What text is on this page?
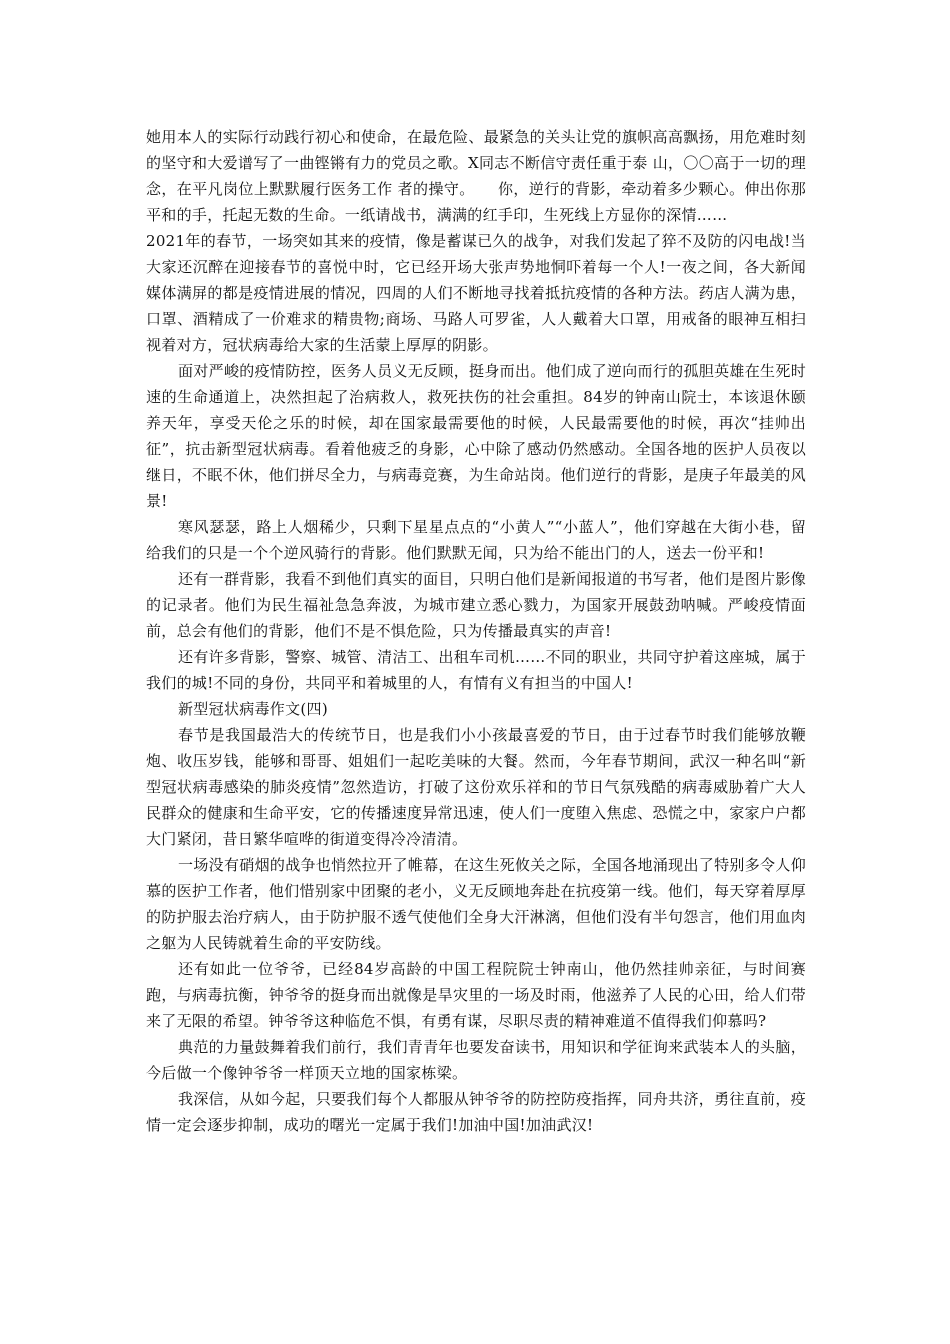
她用本人的实际行动践行初心和使命，在最危险、最紧急的关头让党的旗帜高高飘扬，用危难时刻的坚守和大爱谱写了一曲铿锵有力的党员之歌。X同志不断信守责任重于泰 山，〇〇高于一切的理念，在平凡岗位上默默履行医务工作 者的操守。　　你，逆行的背影，牵动着多少颗心。伸出你那平和的手，托起无数的生命。一纸请战书，满满的红手印，生死线上方显你的深情……

2021年的春节，一场突如其来的疫情，像是蓄谋已久的战争，对我们发起了猝不及防的闪电战!当大家还沉醉在迎接春节的喜悦中时，它已经开场大张声势地恫吓着每一个人!一夜之间，各大新闻媒体满屏的都是疫情进展的情况，四周的人们不断地寻找着抵抗疫情的各种方法。药店人满为患，口罩、酒精成了一价难求的精贵物;商场、马路人可罗雀，人人戴着大口罩，用戒备的眼神互相扫视着对方，冠状病毒给大家的生活蒙上厚厚的阴影。

面对严峻的疫情防控，医务人员义无反顾，挺身而出。他们成了逆向而行的孤胆英雄在生死时速的生命通道上，决然担起了治病救人，救死扶伤的社会重担。84岁的钟南山院士，本该退休颐养天年，享受天伦之乐的时候，却在国家最需要他的时候，人民最需要他的时候，再次“挂帅出征”，抗击新型冠状病毒。看着他疲乏的身影，心中除了感动仍然感动。全国各地的医护人员夜以继日，不眠不休，他们拼尽全力，与病毒竞赛，为生命站岗。他们逆行的背影，是庚子年最美的风景!

寒风瑟瑟，路上人烟稀少，只剩下星星点点的“小黄人”“小蓝人”，他们穿越在大街小巷，留给我们的只是一个个逆风骑行的背影。他们默默无闻，只为给不能出门的人，送去一份平和!

还有一群背影，我看不到他们真实的面目，只明白他们是新闻报道的书写者，他们是图片影像的记录者。他们为民生福祉急急奔波，为城市建立悉心戮力，为国家开展鼓劲呐喊。严峻疫情面前，总会有他们的背影，他们不是不惧危险，只为传播最真实的声音!

还有许多背影，警察、城管、清洁工、出租车司机……不同的职业，共同守护着这座城，属于我们的城!不同的身份，共同平和着城里的人，有情有义有担当的中国人!

新型冠状病毒作文(四)

春节是我国最浩大的传统节日，也是我们小小孩最喜爱的节日，由于过春节时我们能够放鞭炮、收压岁钱，能够和哥哥、姐姐们一起吃美味的大餐。然而，今年春节期间，武汉一种名叫“新型冠状病毒感染的肺炎疫情”忽然造访，打破了这份欢乐祥和的节日气氛残酷的病毒威胁着广大人民群众的健康和生命平安，它的传播速度异常迅速，使人们一度堕入焦虑、恐慌之中，家家户户都大门紧闭，昔日繁华喧哗的街道变得冷冷清清。

一场没有硝烟的战争也悄然拉开了帷幕，在这生死攸关之际，全国各地涌现出了特别多令人仰慕的医护工作者，他们惜别家中团聚的老小，义无反顾地奔赴在抗疫第一线。他们，每天穿着厚厚的防护服去治疗病人，由于防护服不透气使他们全身大汗淋漓，但他们没有半句怨言，他们用血肉之躯为人民铸就着生命的平安防线。

还有如此一位爷爷，已经84岁高龄的中国工程院院士钟南山，他仍然挂帅亲征，与时间赛跑，与病毒抗衡，钟爷爷的挺身而出就像是旱灾里的一场及时雨，他滋养了人民的心田，给人们带来了无限的希望。钟爷爷这种临危不惧，有勇有谋，尽职尽责的精神难道不值得我们仰慕吗?

典范的力量鼓舞着我们前行，我们青青年也要发奋读书，用知识和学征询来武装本人的头脑，今后做一个像钟爷爷一样顶天立地的国家栋梁。

我深信，从如今起，只要我们每个人都服从钟爷爷的防控防疫指挥，同舟共济，勇往直前，疫情一定会逐步抑制，成功的曙光一定属于我们!加油中国!加油武汉!
